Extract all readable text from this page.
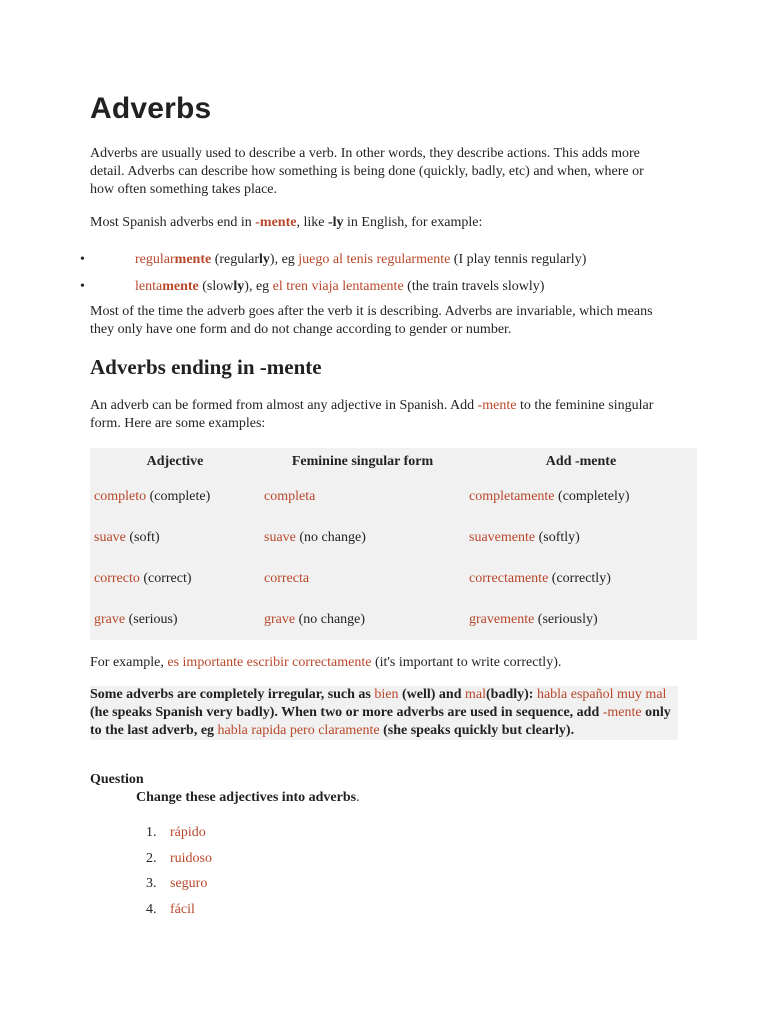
Adverbs

Adverbs are usually used to describe a verb. In other words, they describe actions. This adds more detail. Adverbs can describe how something is being done (quickly, badly, etc) and when, where or how often something takes place.

Most Spanish adverbs end in -mente, like -ly in English, for example:

•	regularmente (regularly), eg juego al tenis regularmente (I play tennis regularly)
•	lentamente (slowly), eg el tren viaja lentamente (the train travels slowly)

Most of the time the adverb goes after the verb it is describing. Adverbs are invariable, which means they only have one form and do not change according to gender or number.

Adverbs ending in -mente

An adverb can be formed from almost any adjective in Spanish. Add -mente to the feminine singular form. Here are some examples:

Adjective	Feminine singular form	Add -mente
completo (complete)	completa	completamente (completely)
suave (soft)	suave (no change)	suavemente (softly)
correcto (correct)	correcta	correctamente (correctly)
grave (serious)	grave (no change)	gravemente (seriously)

For example, es importante escribir correctamente (it's important to write correctly).

Some adverbs are completely irregular, such as bien (well) and mal(badly): habla español muy mal (he speaks Spanish very badly). When two or more adverbs are used in sequence, add -mente only to the last adverb, eg habla rapida pero claramente (she speaks quickly but clearly).

Question

Change these adjectives into adverbs.

1. rápido
2. ruidoso
3. seguro
4. fácil
